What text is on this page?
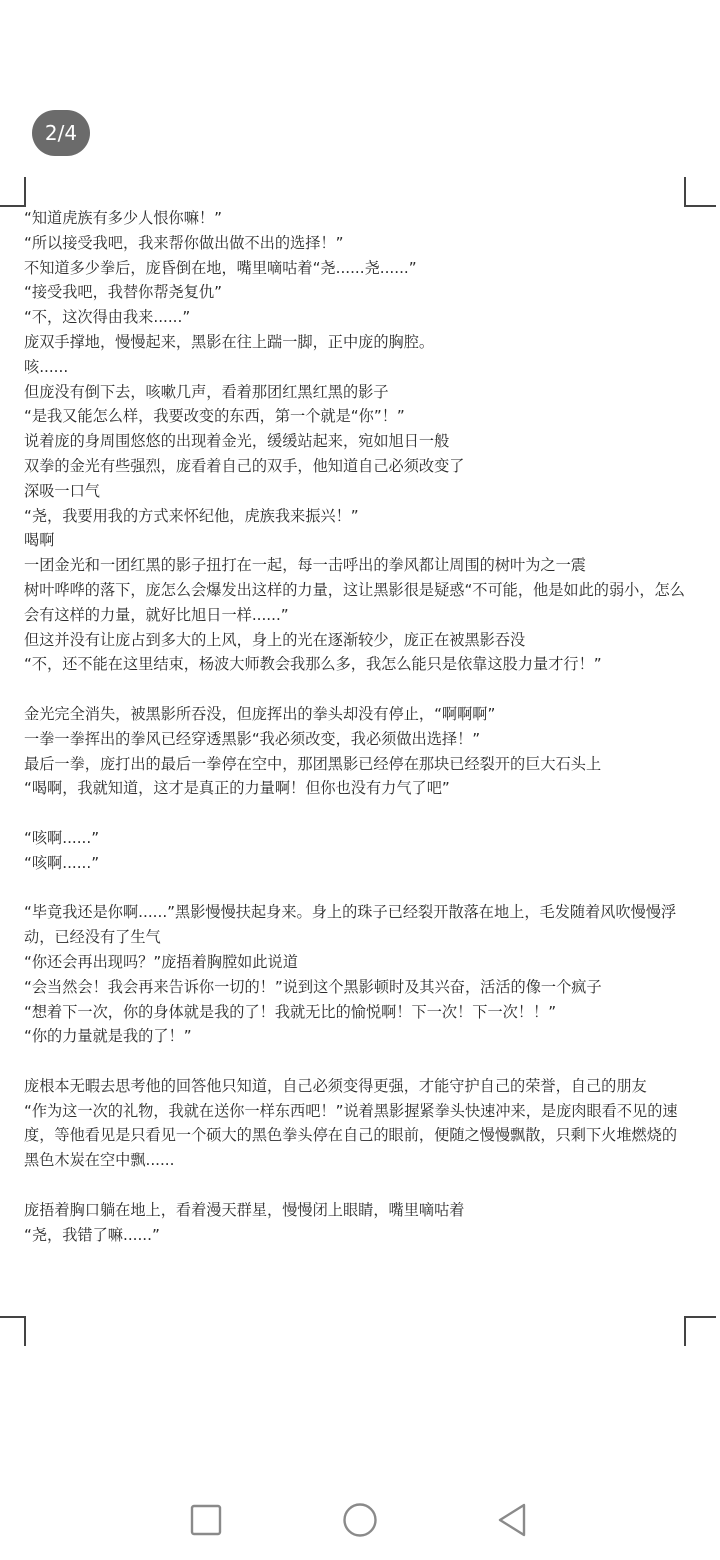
2/4

“知道虎族有多少人恨你嘛！”

“所以接受我吧，我来帮你做出做不出的选择！”

不知道多少拳后，庞昏倒在地，嘴里嘀咕着“尧......尧......”

“接受我吧，我替你帮尧复仇”

“不，这次得由我来......”

庞双手撑地，慢慢起来，黑影在往上踹一脚，正中庞的胸腔。

咳......

但庞没有倒下去，咳嗽几声，看着那团红黑红黑的影子

“是我又能怎么样，我要改变的东西，第一个就是“你”！”

说着庞的身周围悠悠的出现着金光，缓缓站起来，宛如旭日一般

双拳的金光有些强烈，庞看着自己的双手，他知道自己必须改变了

深吸一口气

“尧，我要用我的方式来怀纪他，虎族我来振兴！”

喝啊

一团金光和一团红黑的影子扭打在一起，每一击呼出的拳风都让周围的树叶为之一震

树叶哗哗的落下，庞怎么会爆发出这样的力量，这让黑影很是疑惑“不可能，他是如此的弱小，怎么会有这样的力量，就好比旭日一样......”

但这并没有让庞占到多大的上风，身上的光在逐渐较少，庞正在被黑影吞没

“不，还不能在这里结束，杨波大师教会我那么多，我怎么能只是依靠这股力量才行！”

金光完全消失，被黑影所吞没，但庞挥出的拳头却没有停止，“啊啊啊”

一拳一拳挥出的拳风已经穿透黑影“我必须改变，我必须做出选择！”

最后一拳，庞打出的最后一拳停在空中，那团黑影已经停在那块已经裂开的巨大石头上

“喝啊，我就知道，这才是真正的力量啊！但你也没有力气了吧”

“咳啊......”

“咳啊......”

“毕竟我还是你啊......”黑影慢慢扶起身来。身上的珠子已经裂开散落在地上，毛发随着风吹慢慢浮动，已经没有了生气

“你还会再出现吗？”庞捂着胸膛如此说道

“会当然会！我会再来告诉你一切的！”说到这个黑影顿时及其兴奋，活活的像一个疯子

“想着下一次，你的身体就是我的了！我就无比的愉悦啊！下一次！下一次！！”

“你的力量就是我的了！”

庞根本无暇去思考他的回答他只知道，自己必须变得更强，才能守护自己的荣誉，自己的朋友

“作为这一次的礼物，我就在送你一样东西吧！”说着黑影握紧拳头快速冲来，是庞肉眼看不见的速度，等他看见是只看见一个硕大的黑色拳头停在自己的眼前，便随之慢慢飘散，只剩下火堆燃烧的黑色木炭在空中飘......

庞捂着胸口躺在地上，看着漫天群星，慢慢闭上眼睛，嘴里嘀咕着

“尧，我错了嘛......”
